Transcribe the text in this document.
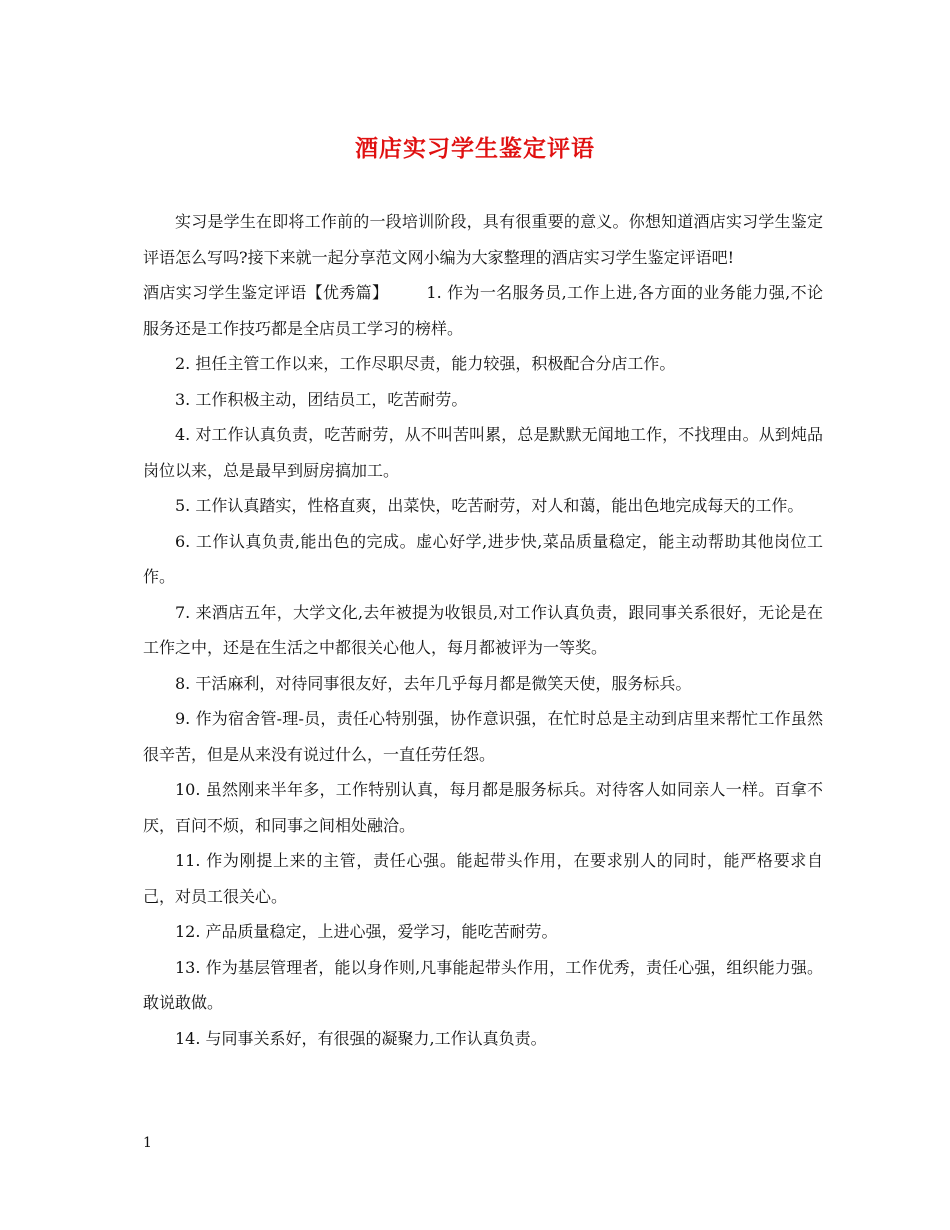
酒店实习学生鉴定评语

实习是学生在即将工作前的一段培训阶段，具有很重要的意义。你想知道酒店实习学生鉴定评语怎么写吗?接下来就一起分享范文网小编为大家整理的酒店实习学生鉴定评语吧!

酒店实习学生鉴定评语【优秀篇】 1. 作为一名服务员,工作上进,各方面的业务能力强,不论服务还是工作技巧都是全店员工学习的榜样。

2. 担任主管工作以来，工作尽职尽责，能力较强，积极配合分店工作。

3. 工作积极主动，团结员工，吃苦耐劳。

4. 对工作认真负责，吃苦耐劳，从不叫苦叫累，总是默默无闻地工作，不找理由。从到炖品岗位以来，总是最早到厨房搞加工。

5. 工作认真踏实，性格直爽，出菜快，吃苦耐劳，对人和蔼，能出色地完成每天的工作。

6. 工作认真负责,能出色的完成。虚心好学,进步快,菜品质量稳定，能主动帮助其他岗位工作。

7. 来酒店五年，大学文化,去年被提为收银员,对工作认真负责，跟同事关系很好，无论是在工作之中，还是在生活之中都很关心他人，每月都被评为一等奖。

8. 干活麻利，对待同事很友好，去年几乎每月都是微笑天使，服务标兵。

9. 作为宿舍管-理-员，责任心特别强，协作意识强，在忙时总是主动到店里来帮忙工作虽然很辛苦，但是从来没有说过什么，一直任劳任怨。

10. 虽然刚来半年多，工作特别认真，每月都是服务标兵。对待客人如同亲人一样。百拿不厌，百问不烦，和同事之间相处融洽。

11. 作为刚提上来的主管，责任心强。能起带头作用，在要求别人的同时，能严格要求自己，对员工很关心。

12. 产品质量稳定，上进心强，爱学习，能吃苦耐劳。

13. 作为基层管理者，能以身作则,凡事能起带头作用，工作优秀，责任心强，组织能力强。敢说敢做。

14. 与同事关系好，有很强的凝聚力,工作认真负责。

1
